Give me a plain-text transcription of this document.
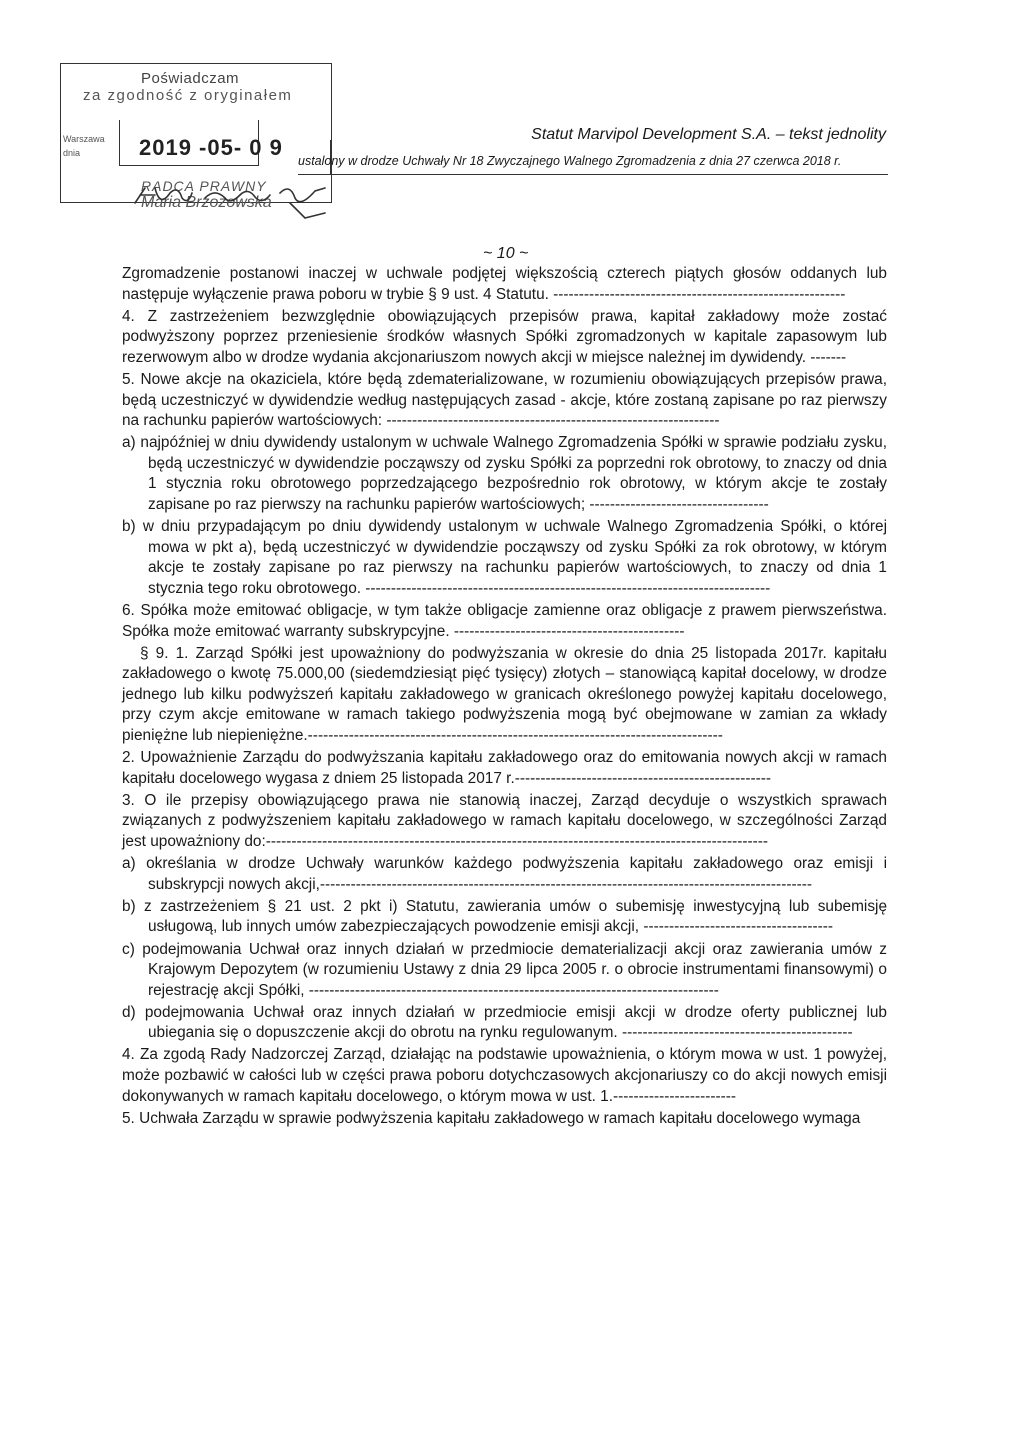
Poświadczam
za zgodność z oryginałem
Warszawa dnia	2019 -05- 0 9
RADCA PRAWNY
Maria Brzozowska
Statut Marvipol Development S.A. – tekst jednolity
ustalony w drodze Uchwały Nr 18 Zwyczajnego Walnego Zgromadzenia z dnia 27 czerwca 2018 r.
~ 10 ~

Zgromadzenie postanowi inaczej w uchwale podjętej większością czterech piątych głosów oddanych lub następuje wyłączenie prawa poboru w trybie § 9 ust. 4 Statutu. ---------------------------------------------------------

4. Z zastrzeżeniem bezwzględnie obowiązujących przepisów prawa, kapitał zakładowy może zostać podwyższony poprzez przeniesienie środków własnych Spółki zgromadzonych w kapitale zapasowym lub rezerwowym albo w drodze wydania akcjonariuszom nowych akcji w miejsce należnej im dywidendy. -------

5. Nowe akcje na okaziciela, które będą zdematerializowane, w rozumieniu obowiązujących przepisów prawa, będą uczestniczyć w dywidendzie według następujących zasad - akcje, które zostaną zapisane po raz pierwszy na rachunku papierów wartościowych: -----------------------------------------------------------------

a) najpóźniej w dniu dywidendy ustalonym w uchwale Walnego Zgromadzenia Spółki w sprawie podziału zysku, będą uczestniczyć w dywidendzie począwszy od zysku Spółki za poprzedni rok obrotowy, to znaczy od dnia 1 stycznia roku obrotowego poprzedzającego bezpośrednio rok obrotowy, w którym akcje te zostały zapisane po raz pierwszy na rachunku papierów wartościowych; -----------------------------------

b) w dniu przypadającym po dniu dywidendy ustalonym w uchwale Walnego Zgromadzenia Spółki, o której mowa w pkt a), będą uczestniczyć w dywidendzie począwszy od zysku Spółki za rok obrotowy, w którym akcje te zostały zapisane po raz pierwszy na rachunku papierów wartościowych, to znaczy od dnia 1 stycznia tego roku obrotowego. -------------------------------------------------------------------------------

6. Spółka może emitować obligacje, w tym także obligacje zamienne oraz obligacje z prawem pierwszeństwa. Spółka może emitować warranty subskrypcyjne. ---------------------------------------------

§ 9. 1. Zarząd Spółki jest upoważniony do podwyższania w okresie do dnia 25 listopada 2017r. kapitału zakładowego o kwotę 75.000,00 (siedemdziesiąt pięć tysięcy) złotych – stanowiącą kapitał docelowy, w drodze jednego lub kilku podwyższeń kapitału zakładowego w granicach określonego powyżej kapitału docelowego, przy czym akcje emitowane w ramach takiego podwyższenia mogą być obejmowane w zamian za wkłady pieniężne lub niepieniężne.---------------------------------------------------------------------------------

2. Upoważnienie Zarządu do podwyższania kapitału zakładowego oraz do emitowania nowych akcji w ramach kapitału docelowego wygasa z dniem 25 listopada 2017 r.--------------------------------------------------

3. O ile przepisy obowiązującego prawa nie stanowią inaczej, Zarząd decyduje o wszystkich sprawach związanych z podwyższeniem kapitału zakładowego w ramach kapitału docelowego, w szczególności Zarząd jest upoważniony do:--------------------------------------------------------------------------------------------------

a) określania w drodze Uchwały warunków każdego podwyższenia kapitału zakładowego oraz emisji i subskrypcji nowych akcji,------------------------------------------------------------------------------------------------

b) z zastrzeżeniem § 21 ust. 2 pkt i) Statutu, zawierania umów o subemisję inwestycyjną lub subemisję usługową, lub innych umów zabezpieczających powodzenie emisji akcji, -------------------------------------

c) podejmowania Uchwał oraz innych działań w przedmiocie dematerializacji akcji oraz zawierania umów z Krajowym Depozytem (w rozumieniu Ustawy z dnia 29 lipca 2005 r. o obrocie instrumentami finansowymi) o rejestrację akcji Spółki, --------------------------------------------------------------------------------

d) podejmowania Uchwał oraz innych działań w przedmiocie emisji akcji w drodze oferty publicznej lub ubiegania się o dopuszczenie akcji do obrotu na rynku regulowanym. ---------------------------------------------

4. Za zgodą Rady Nadzorczej Zarząd, działając na podstawie upoważnienia, o którym mowa w ust. 1 powyżej, może pozbawić w całości lub w części prawa poboru dotychczasowych akcjonariuszy co do akcji nowych emisji dokonywanych w ramach kapitału docelowego, o którym mowa w ust. 1.------------------------

5. Uchwała Zarządu w sprawie podwyższenia kapitału zakładowego w ramach kapitału docelowego wymaga
